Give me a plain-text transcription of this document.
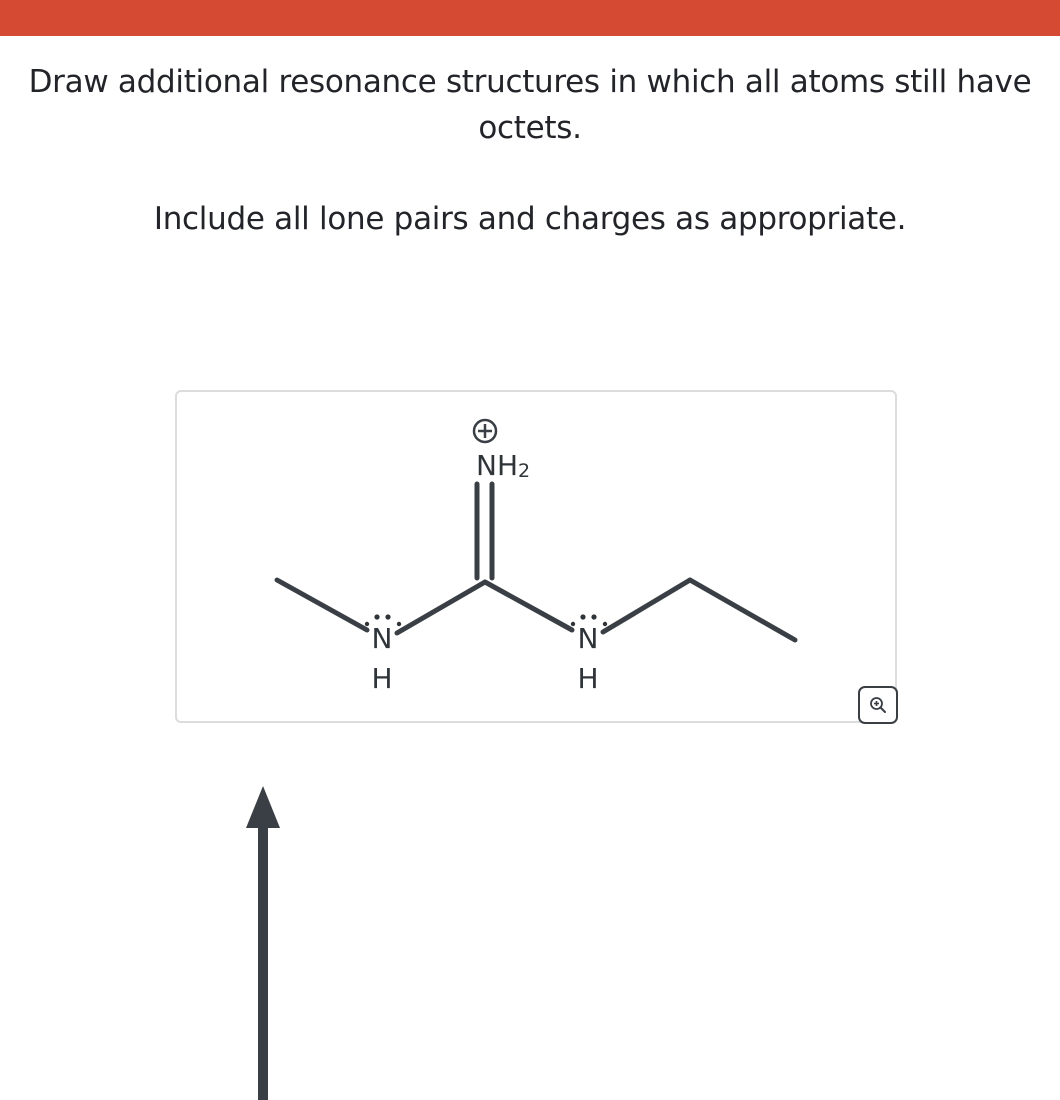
Draw additional resonance structures in which all atoms still have octets.
Include all lone pairs and charges as appropriate.
NH2
N
H
N
H
